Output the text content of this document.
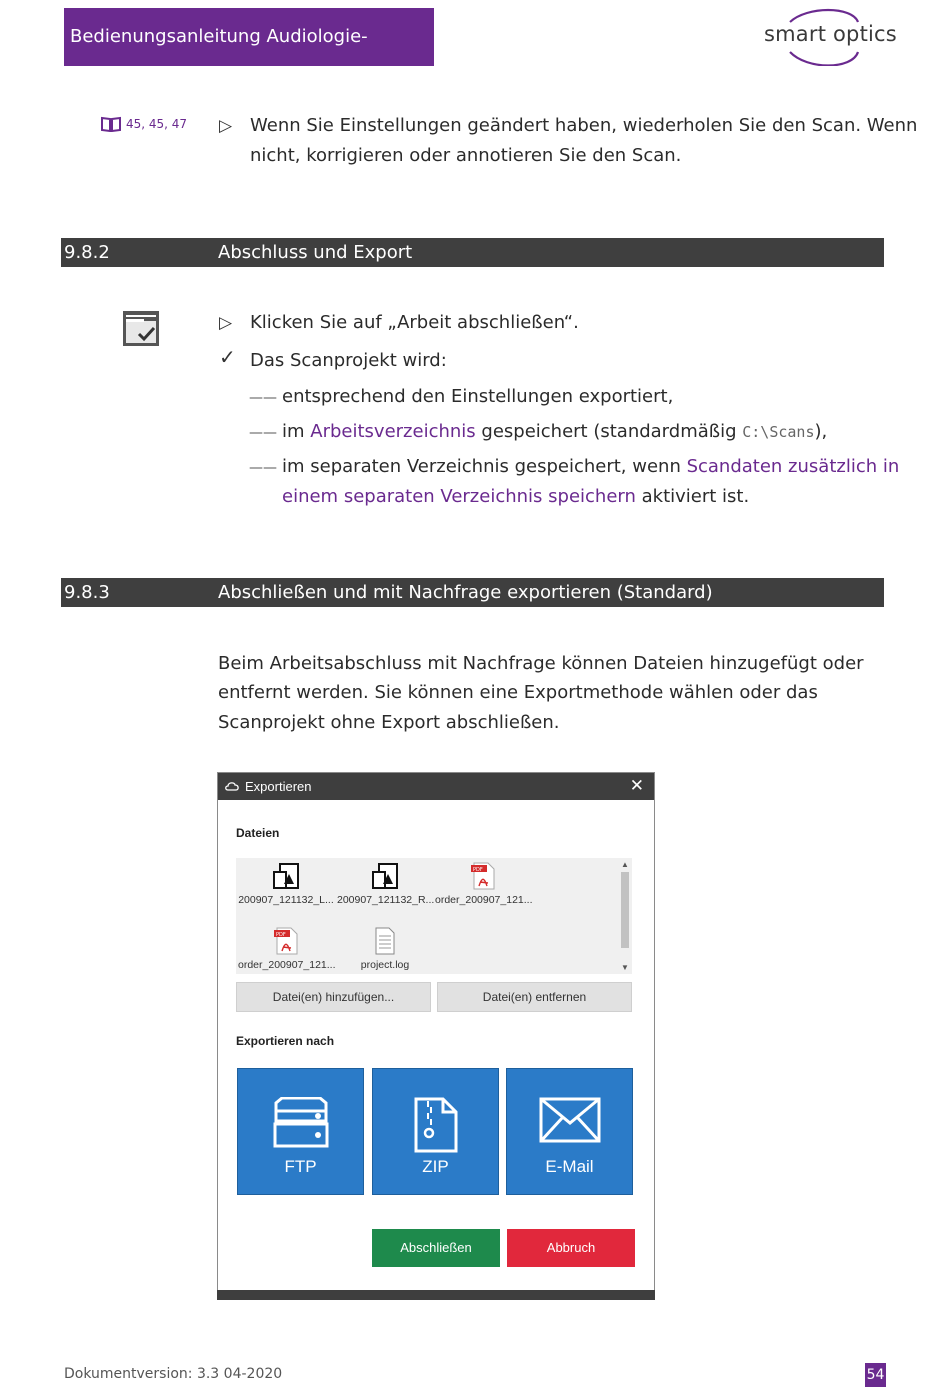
Bedienungsanleitung Audiologie-Scanner
smart optics
45, 45, 47 ▷ Wenn Sie Einstellungen geändert haben, wiederholen Sie den Scan. Wenn
nicht, korrigieren oder annotieren Sie den Scan.
9.8.2	Abschluss und Export
▷ Klicken Sie auf „Arbeit abschließen“.
✓ Das Scanprojekt wird:
—— entsprechend den Einstellungen exportiert,
—— im Arbeitsverzeichnis gespeichert (standardmäßig C:\Scans),
—— im separaten Verzeichnis gespeichert, wenn Scandaten zusätzlich in
einem separaten Verzeichnis speichern aktiviert ist.
9.8.3	Abschließen und mit Nachfrage exportieren (Standard)
Beim Arbeitsabschluss mit Nachfrage können Dateien hinzugefügt oder
entfernt werden. Sie können eine Exportmethode wählen oder das
Scanprojekt ohne Export abschließen.
Exportieren	✕
Dateien
200907_121132_L... 200907_121132_R...
PDF
order_200907_121...
PDF
order_200907_121...	project.log
▲
▼
Datei(en) hinzufügen...	Datei(en) entfernen
Exportieren nach
FTP	ZIP	E-Mail
Abschließen	Abbruch
Dokumentversion: 3.3 04-2020	54
